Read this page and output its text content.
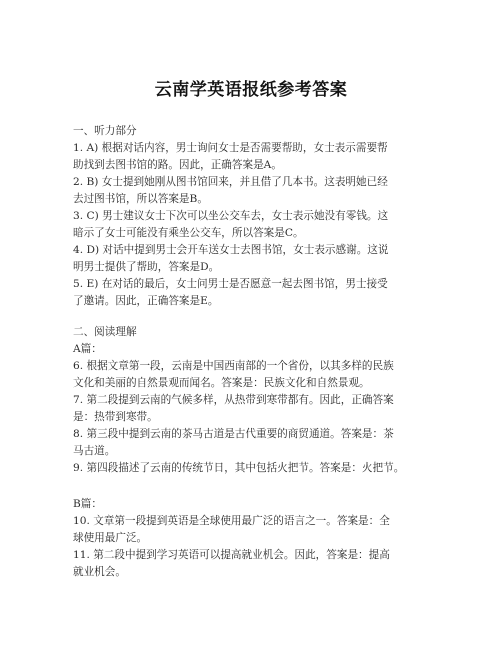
云南学英语报纸参考答案
一、听力部分
1. A) 根据对话内容，男士询问女士是否需要帮助，女士表示需要帮
助找到去图书馆的路。因此，正确答案是A。
2. B) 女士提到她刚从图书馆回来，并且借了几本书。这表明她已经
去过图书馆，所以答案是B。
3. C) 男士建议女士下次可以坐公交车去，女士表示她没有零钱。这
暗示了女士可能没有乘坐公交车，所以答案是C。
4. D) 对话中提到男士会开车送女士去图书馆，女士表示感谢。这说
明男士提供了帮助，答案是D。
5. E) 在对话的最后，女士问男士是否愿意一起去图书馆，男士接受
了邀请。因此，正确答案是E。
二、阅读理解
A篇：
6. 根据文章第一段，云南是中国西南部的一个省份，以其多样的民族
文化和美丽的自然景观而闻名。答案是：民族文化和自然景观。
7. 第二段提到云南的气候多样，从热带到寒带都有。因此，正确答案
是：热带到寒带。
8. 第三段中提到云南的茶马古道是古代重要的商贸通道。答案是：茶
马古道。
9. 第四段描述了云南的传统节日，其中包括火把节。答案是：火把节。
B篇：
10. 文章第一段提到英语是全球使用最广泛的语言之一。答案是：全
球使用最广泛。
11. 第二段中提到学习英语可以提高就业机会。因此，答案是：提高
就业机会。
